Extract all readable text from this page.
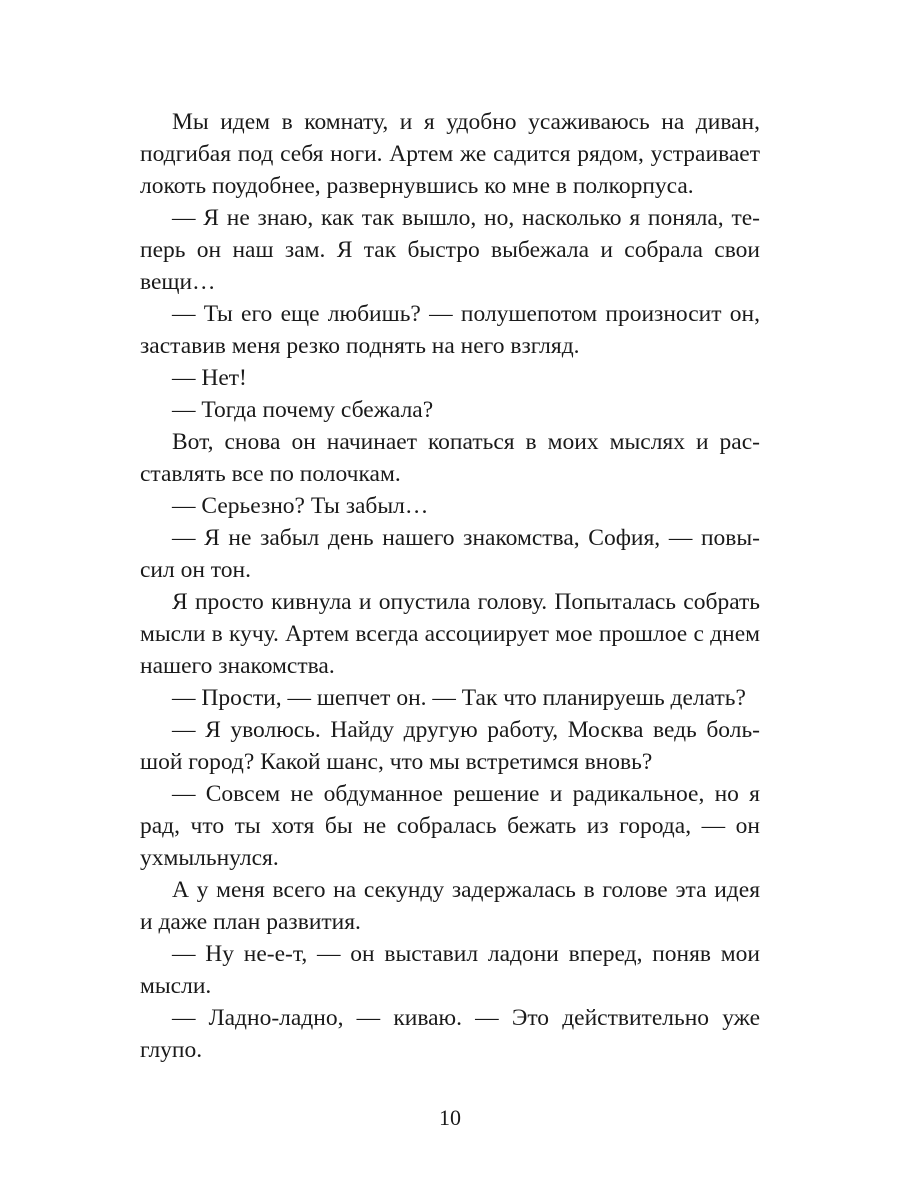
Мы идем в комнату, и я удобно усаживаюсь на диван, подгибая под себя ноги. Артем же садится рядом, устраивает локоть поудобнее, развернувшись ко мне в полкорпуса.

— Я не знаю, как так вышло, но, насколько я поняла, теперь он наш зам. Я так быстро выбежала и собрала свои вещи…

— Ты его еще любишь? — полушепотом произносит он, заставив меня резко поднять на него взгляд.

— Нет!

— Тогда почему сбежала?

Вот, снова он начинает копаться в моих мыслях и расставлять все по полочкам.

— Серьезно? Ты забыл…

— Я не забыл день нашего знакомства, София, — повысил он тон.

Я просто кивнула и опустила голову. Попыталась собрать мысли в кучу. Артем всегда ассоциирует мое прошлое с днем нашего знакомства.

— Прости, — шепчет он. — Так что планируешь делать?

— Я уволюсь. Найду другую работу, Москва ведь большой город? Какой шанс, что мы встретимся вновь?

— Совсем не обдуманное решение и радикальное, но я рад, что ты хотя бы не собралась бежать из города, — он ухмыльнулся.

А у меня всего на секунду задержалась в голове эта идея и даже план развития.

— Ну не-е-т, — он выставил ладони вперед, поняв мои мысли.

— Ладно-ладно, — киваю. — Это действительно уже глупо.

10
